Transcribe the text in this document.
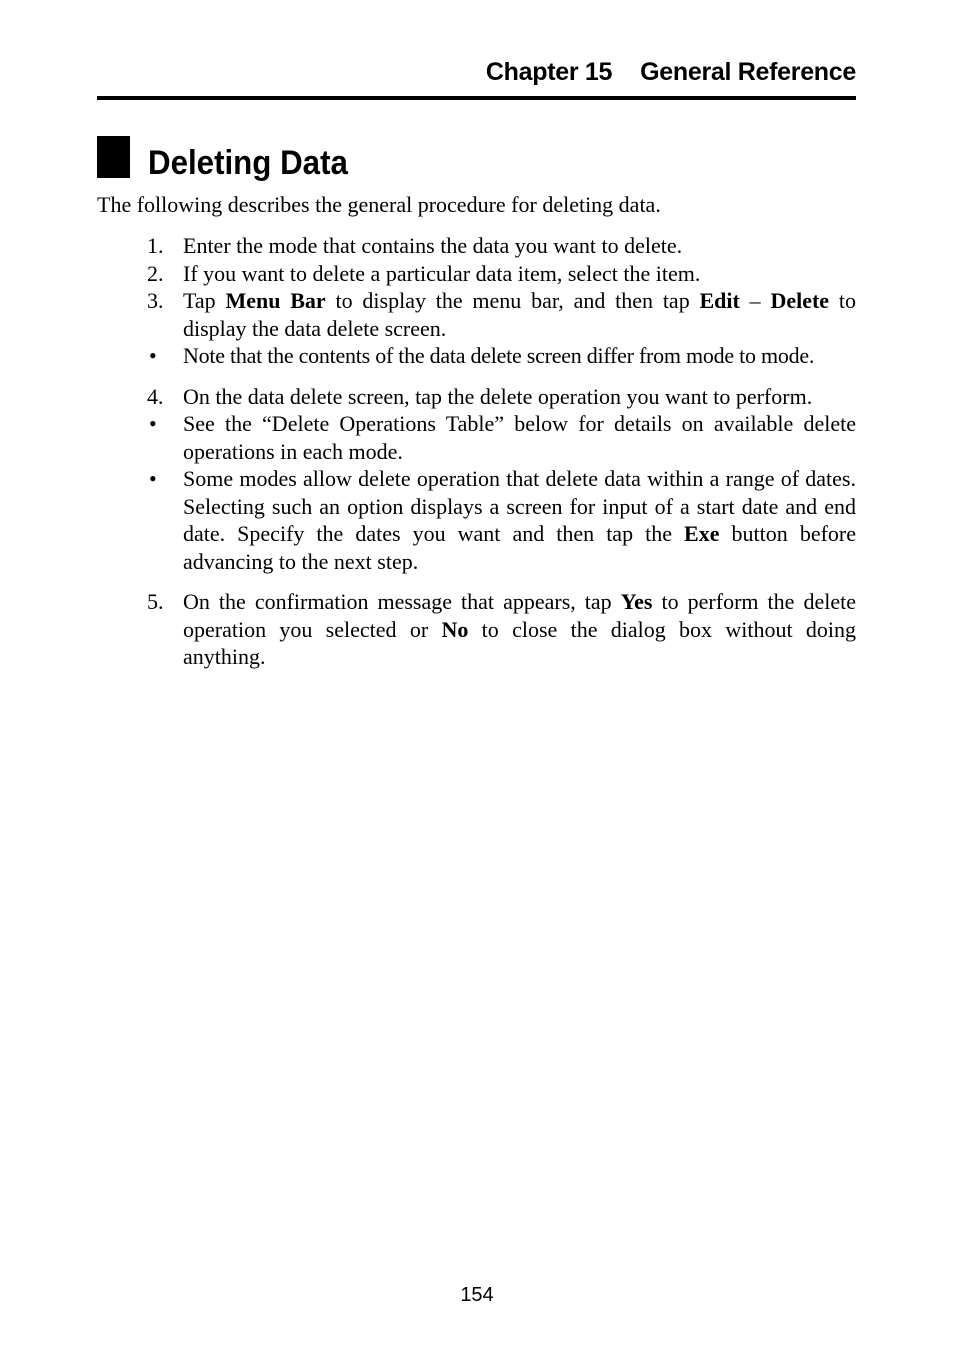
Chapter 15 General Reference
Deleting Data

The following describes the general procedure for deleting data.

1. Enter the mode that contains the data you want to delete.
2. If you want to delete a particular data item, select the item.
3. Tap Menu Bar to display the menu bar, and then tap Edit – Delete to display the data delete screen.
•	Note that the contents of the data delete screen differ from mode to mode.
4. On the data delete screen, tap the delete operation you want to perform.
•	See the “Delete Operations Table” below for details on available delete operations in each mode.
•	Some modes allow delete operation that delete data within a range of dates. Selecting such an option displays a screen for input of a start date and end date. Specify the dates you want and then tap the Exe button before advancing to the next step.
5. On the confirmation message that appears, tap Yes to perform the delete operation you selected or No to close the dialog box without doing anything.
154
